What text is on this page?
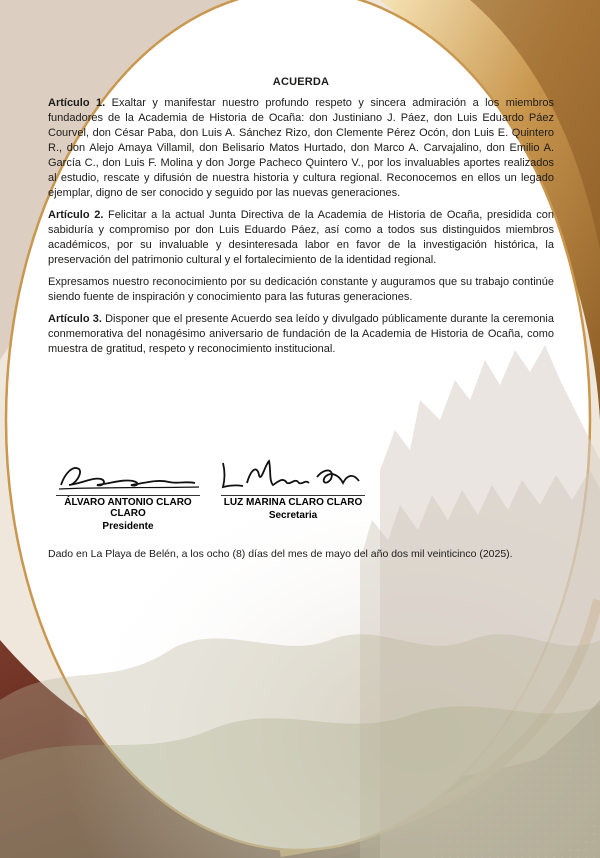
ACUERDA

Artículo 1. Exaltar y manifestar nuestro profundo respeto y sincera admiración a los miembros fundadores de la Academia de Historia de Ocaña: don Justiniano J. Páez, don Luis Eduardo Páez Courvel, don César Paba, don Luis A. Sánchez Rizo, don Clemente Pérez Ocón, don Luis E. Quintero R., don Alejo Amaya Villamil, don Belisario Matos Hurtado, don Marco A. Carvajalino, don Emilio A. García C., don Luis F. Molina y don Jorge Pacheco Quintero V., por los invaluables aportes realizados al estudio, rescate y difusión de nuestra historia y cultura regional. Reconocemos en ellos un legado ejemplar, digno de ser conocido y seguido por las nuevas generaciones.

Artículo 2. Felicitar a la actual Junta Directiva de la Academia de Historia de Ocaña, presidida con sabiduría y compromiso por don Luis Eduardo Páez, así como a todos sus distinguidos miembros académicos, por su invaluable y desinteresada labor en favor de la investigación histórica, la preservación del patrimonio cultural y el fortalecimiento de la identidad regional.

Expresamos nuestro reconocimiento por su dedicación constante y auguramos que su trabajo continúe siendo fuente de inspiración y conocimiento para las futuras generaciones.

Artículo 3. Disponer que el presente Acuerdo sea leído y divulgado públicamente durante la ceremonia conmemorativa del nonagésimo aniversario de fundación de la Academia de Historia de Ocaña, como muestra de gratitud, respeto y reconocimiento institucional.

ÁLVARO ANTONIO CLARO CLARO
Presidente
LUZ MARINA CLARO CLARO
Secretaria
Dado en La Playa de Belén, a los ocho (8) días del mes de mayo del año dos mil veinticinco (2025).
